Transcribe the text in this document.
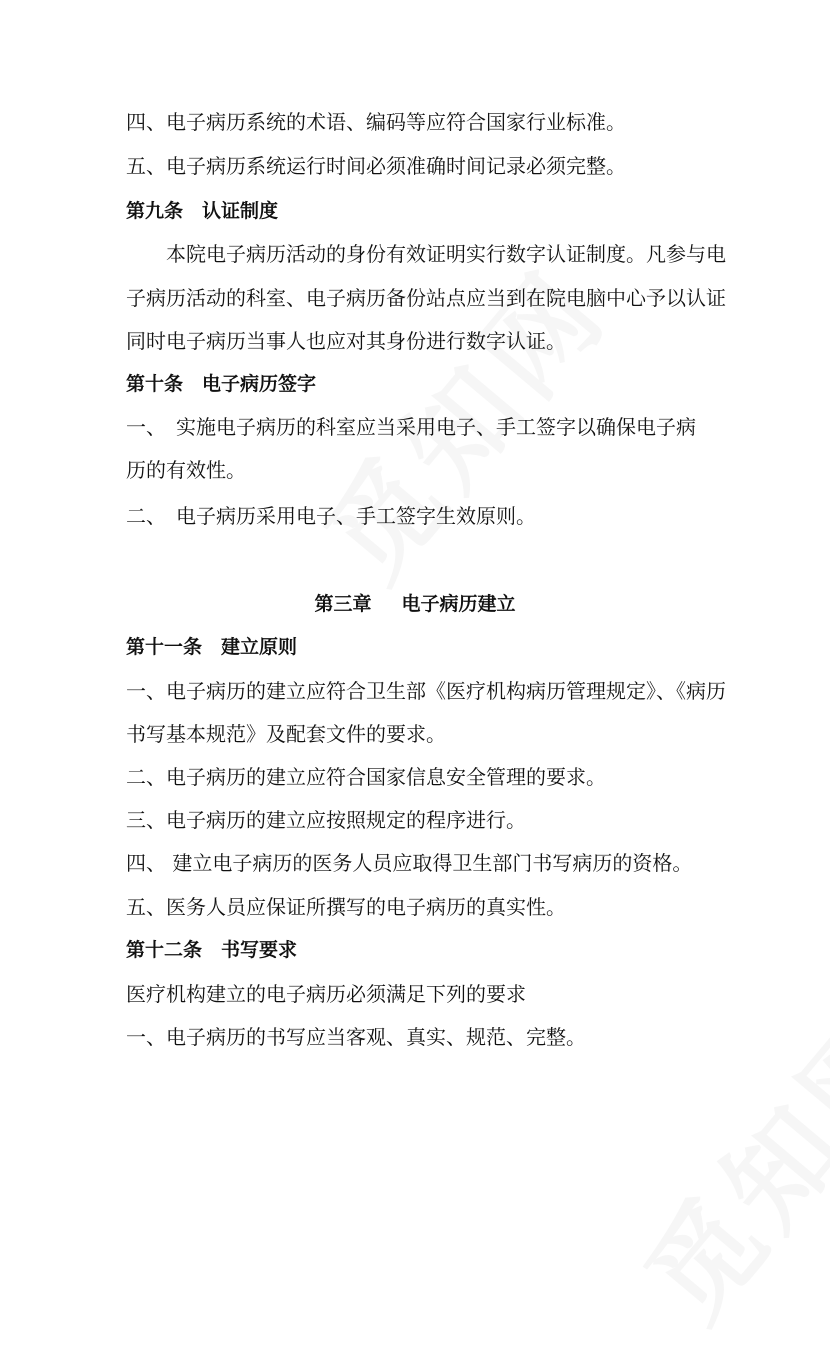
四、电子病历系统的术语、编码等应符合国家行业标准。
五、电子病历系统运行时间必须准确时间记录必须完整。
第九条　认证制度
本院电子病历活动的身份有效证明实行数字认证制度。凡参与电
子病历活动的科室、电子病历备份站点应当到在院电脑中心予以认证
同时电子病历当事人也应对其身份进行数字认证。
第十条　电子病历签字
一、　实施电子病历的科室应当采用电子、手工签字以确保电子病
历的有效性。
二、　电子病历采用电子、手工签字生效原则。
第三章 电子病历建立
第十一条　建立原则
一、电子病历的建立应符合卫生部《医疗机构病历管理规定》、《病历
书写基本规范》及配套文件的要求。
二、电子病历的建立应符合国家信息安全管理的要求。
三、电子病历的建立应按照规定的程序进行。
四、 建立电子病历的医务人员应取得卫生部门书写病历的资格。
五、医务人员应保证所撰写的电子病历的真实性。
第十二条　书写要求
医疗机构建立的电子病历必须满足下列的要求
一、电子病历的书写应当客观、真实、规范、完整。
